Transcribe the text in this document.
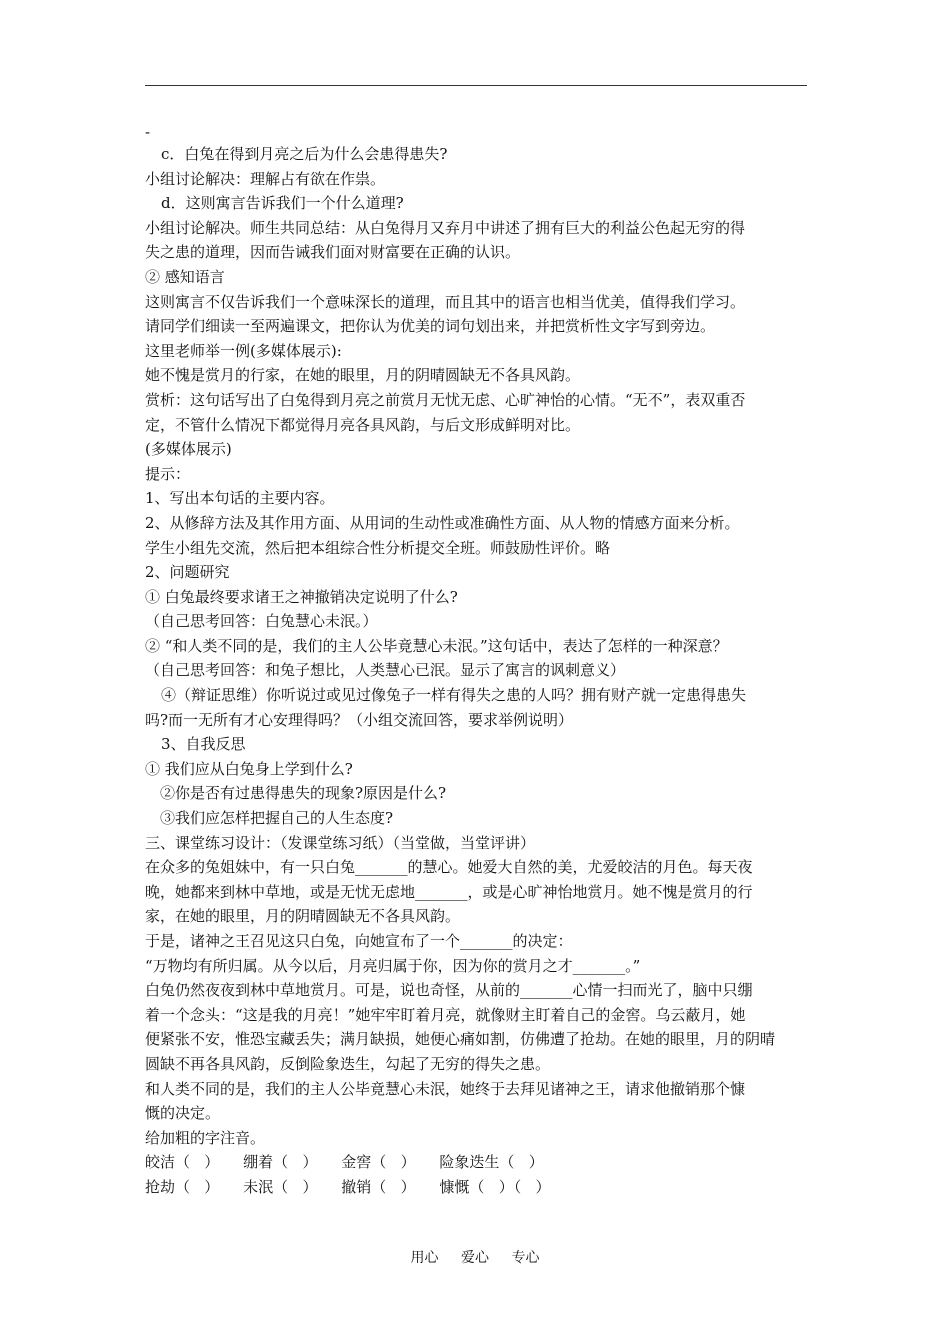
-
c．白兔在得到月亮之后为什么会患得患失?
小组讨论解决：理解占有欲在作祟。
d．这则寓言告诉我们一个什么道理?
小组讨论解决。师生共同总结：从白兔得月又弃月中讲述了拥有巨大的利益公色起无穷的得
失之患的道理，因而告诫我们面对财富要在正确的认识。
② 感知语言
这则寓言不仅告诉我们一个意味深长的道理，而且其中的语言也相当优美，值得我们学习。
请同学们细读一至两遍课文，把你认为优美的词句划出来，并把赏析性文字写到旁边。
这里老师举一例(多媒体展示):
她不愧是赏月的行家，在她的眼里，月的阴晴圆缺无不各具风韵。
赏析：这句话写出了白兔得到月亮之前赏月无忧无虑、心旷神怡的心情。“无不”，表双重否
定，不管什么情况下都觉得月亮各具风韵，与后文形成鲜明对比。
(多媒体展示)
提示：
1、写出本句话的主要内容。
2、从修辞方法及其作用方面、从用词的生动性或准确性方面、从人物的情感方面来分析。
学生小组先交流，然后把本组综合性分析提交全班。师鼓励性评价。略
2、问题研究
① 白兔最终要求诸王之神撤销决定说明了什么?
（自己思考回答：白兔慧心未泯。）
② “和人类不同的是，我们的主人公毕竟慧心未泯。”这句话中，表达了怎样的一种深意？
（自己思考回答：和兔子想比，人类慧心已泯。显示了寓言的讽刺意义）
④（辩证思维）你听说过或见过像兔子一样有得失之患的人吗？拥有财产就一定患得患失
吗?而一无所有才心安理得吗？（小组交流回答，要求举例说明）
3、自我反思
① 我们应从白兔身上学到什么?
②你是否有过患得患失的现象?原因是什么?
③我们应怎样把握自己的人生态度?
三、课堂练习设计：（发课堂练习纸）（当堂做，当堂评讲）
在众多的兔姐妹中，有一只白兔_______的慧心。她爱大自然的美，尤爱皎洁的月色。每天夜
晚，她都来到林中草地，或是无忧无虑地_______，或是心旷神怡地赏月。她不愧是赏月的行
家，在她的眼里，月的阴晴圆缺无不各具风韵。
于是，诸神之王召见这只白兔，向她宣布了一个_______的决定：
“万物均有所归属。从今以后，月亮归属于你，因为你的赏月之才_______。”
白兔仍然夜夜到林中草地赏月。可是，说也奇怪，从前的_______心情一扫而光了，脑中只绷
着一个念头：“这是我的月亮！”她牢牢盯着月亮，就像财主盯着自己的金窖。乌云蔽月，她
便紧张不安，惟恐宝藏丢失；满月缺损，她便心痛如割，仿佛遭了抢劫。在她的眼里，月的阴晴
圆缺不再各具风韵，反倒险象迭生，勾起了无穷的得失之患。
和人类不同的是，我们的主人公毕竟慧心未泯，她终于去拜见诸神之王，请求他撤销那个慷
慨的决定。
给加粗的字注音。
皎洁（   ）     绷着（   ）     金窖（   ）     险象迭生（   ）
抢劫（   ）     未泯（   ）     撤销（   ）     慷慨（   ）（   ）
用心 爱心 专心
